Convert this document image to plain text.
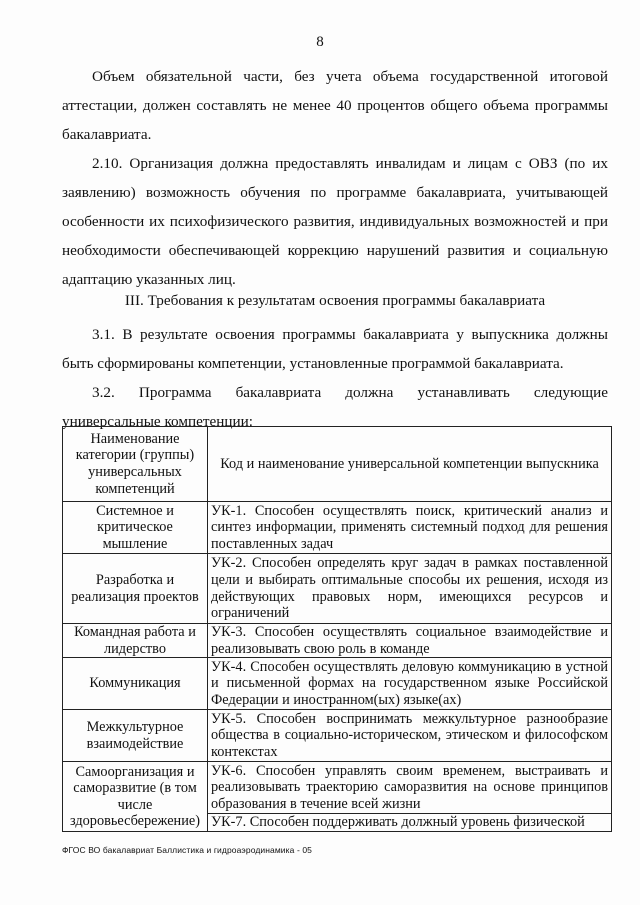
8

Объем обязательной части, без учета объема государственной итоговой аттестации, должен составлять не менее 40 процентов общего объема программы бакалавриата.

2.10. Организация должна предоставлять инвалидам и лицам с ОВЗ (по их заявлению) возможность обучения по программе бакалавриата, учитывающей особенности их психофизического развития, индивидуальных возможностей и при необходимости обеспечивающей коррекцию нарушений развития и социальную адаптацию указанных лиц.

III. Требования к результатам освоения программы бакалавриата

3.1. В результате освоения программы бакалавриата у выпускника должны быть сформированы компетенции, установленные программой бакалавриата.

3.2. Программа бакалавриата должна устанавливать следующие универсальные компетенции:

Наименование категории (группы) универсальных компетенций	Код и наименование универсальной компетенции выпускника
Системное и критическое мышление	УК-1. Способен осуществлять поиск, критический анализ и синтез информации, применять системный подход для решения поставленных задач
Разработка и реализация проектов	УК-2. Способен определять круг задач в рамках поставленной цели и выбирать оптимальные способы их решения, исходя из действующих правовых норм, имеющихся ресурсов и ограничений
Командная работа и лидерство	УК-3. Способен осуществлять социальное взаимодействие и реализовывать свою роль в команде
Коммуникация	УК-4. Способен осуществлять деловую коммуникацию в устной и письменной формах на государственном языке Российской Федерации и иностранном(ых) языке(ах)
Межкультурное взаимодействие	УК-5. Способен воспринимать межкультурное разнообразие общества в социально-историческом, этическом и философском контекстах
Самоорганизация и саморазвитие (в том числе здоровьесбережение)	УК-6. Способен управлять своим временем, выстраивать и реализовывать траекторию саморазвития на основе принципов образования в течение всей жизни
	УК-7. Способен поддерживать должный уровень физической
ФГОС ВО бакалавриат Баллистика и гидроаэродинамика - 05
